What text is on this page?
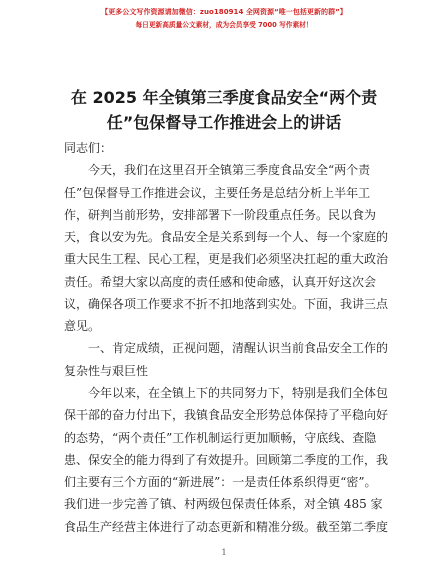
【更多公文写作资源请加微信：zuo180914 全网资源“唯一包括更新的群”】
每日更新高质量公文素材，成为会员享受 7000 写作素材！
在 2025 年全镇第三季度食品安全“两个责
任”包保督导工作推进会上的讲话
同志们：
今天，我们在这里召开全镇第三季度食品安全“两个责
任”包保督导工作推进会议，主要任务是总结分析上半年工
作，研判当前形势，安排部署下一阶段重点任务。民以食为
天，食以安为先。食品安全是关系到每一个人、每一个家庭的
重大民生工程、民心工程，更是我们必须坚决扛起的重大政治
责任。希望大家以高度的责任感和使命感，认真开好这次会
议，确保各项工作要求不折不扣地落到实处。下面，我讲三点
意见。
一、肯定成绩，正视问题，清醒认识当前食品安全工作的
复杂性与艰巨性
今年以来，在全镇上下的共同努力下，特别是我们全体包
保干部的奋力付出下，我镇食品安全形势总体保持了平稳向好
的态势，“两个责任”工作机制运行更加顺畅，守底线、查隐
患、保安全的能力得到了有效提升。回顾第二季度的工作，我
们主要有三个方面的“新进展”：一是责任体系织得更“密”。
我们进一步完善了镇、村两级包保责任体系，对全镇 485 家
食品生产经营主体进行了动态更新和精准分级。截至第二季度
1
